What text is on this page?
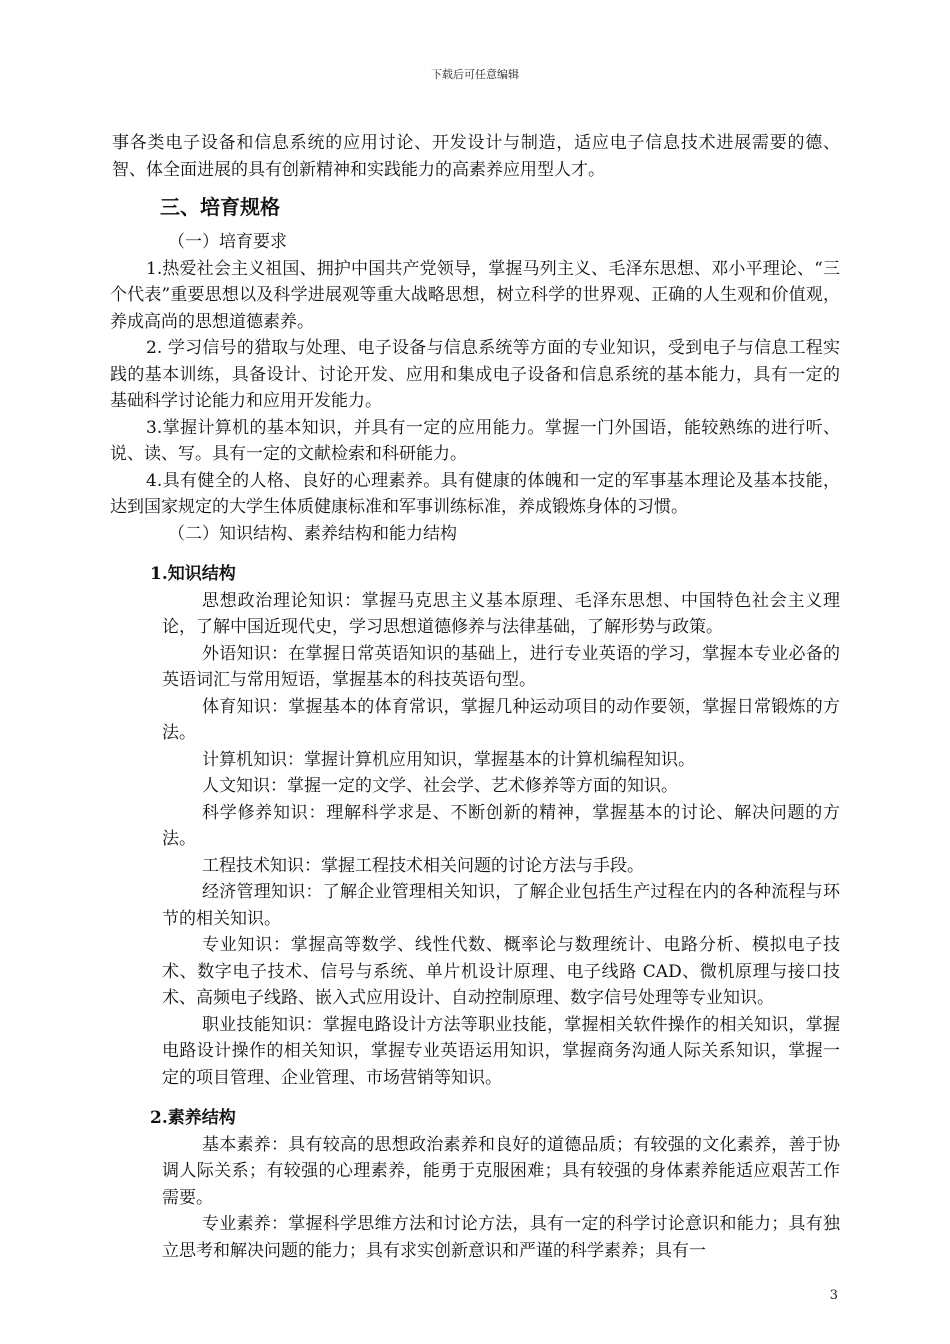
下载后可任意编辑

事各类电子设备和信息系统的应用讨论、开发设计与制造，适应电子信息技术进展需要的德、智、体全面进展的具有创新精神和实践能力的高素养应用型人才。

三、培育规格

（一）培育要求

1.热爱社会主义祖国、拥护中国共产党领导，掌握马列主义、毛泽东思想、邓小平理论、“三个代表”重要思想以及科学进展观等重大战略思想，树立科学的世界观、正确的人生观和价值观，养成高尚的思想道德素养。

2. 学习信号的猎取与处理、电子设备与信息系统等方面的专业知识，受到电子与信息工程实践的基本训练，具备设计、讨论开发、应用和集成电子设备和信息系统的基本能力，具有一定的基础科学讨论能力和应用开发能力。

3.掌握计算机的基本知识，并具有一定的应用能力。掌握一门外国语，能较熟练的进行听、说、读、写。具有一定的文献检索和科研能力。

4.具有健全的人格、良好的心理素养。具有健康的体魄和一定的军事基本理论及基本技能，达到国家规定的大学生体质健康标准和军事训练标准，养成锻炼身体的习惯。

（二）知识结构、素养结构和能力结构

1.知识结构

思想政治理论知识：掌握马克思主义基本原理、毛泽东思想、中国特色社会主义理论，了解中国近现代史，学习思想道德修养与法律基础，了解形势与政策。

外语知识：在掌握日常英语知识的基础上，进行专业英语的学习，掌握本专业必备的英语词汇与常用短语，掌握基本的科技英语句型。

体育知识：掌握基本的体育常识，掌握几种运动项目的动作要领，掌握日常锻炼的方法。

计算机知识：掌握计算机应用知识，掌握基本的计算机编程知识。

人文知识：掌握一定的文学、社会学、艺术修养等方面的知识。

科学修养知识：理解科学求是、不断创新的精神，掌握基本的讨论、解决问题的方法。

工程技术知识：掌握工程技术相关问题的讨论方法与手段。

经济管理知识：了解企业管理相关知识，了解企业包括生产过程在内的各种流程与环节的相关知识。

专业知识：掌握高等数学、线性代数、概率论与数理统计、电路分析、模拟电子技术、数字电子技术、信号与系统、单片机设计原理、电子线路 CAD、微机原理与接口技术、高频电子线路、嵌入式应用设计、自动控制原理、数字信号处理等专业知识。

职业技能知识：掌握电路设计方法等职业技能，掌握相关软件操作的相关知识，掌握电路设计操作的相关知识，掌握专业英语运用知识，掌握商务沟通人际关系知识，掌握一定的项目管理、企业管理、市场营销等知识。

2.素养结构

基本素养：具有较高的思想政治素养和良好的道德品质；有较强的文化素养，善于协调人际关系；有较强的心理素养，能勇于克服困难；具有较强的身体素养能适应艰苦工作需要。

专业素养：掌握科学思维方法和讨论方法，具有一定的科学讨论意识和能力；具有独立思考和解决问题的能力；具有求实创新意识和严谨的科学素养；具有一

3
